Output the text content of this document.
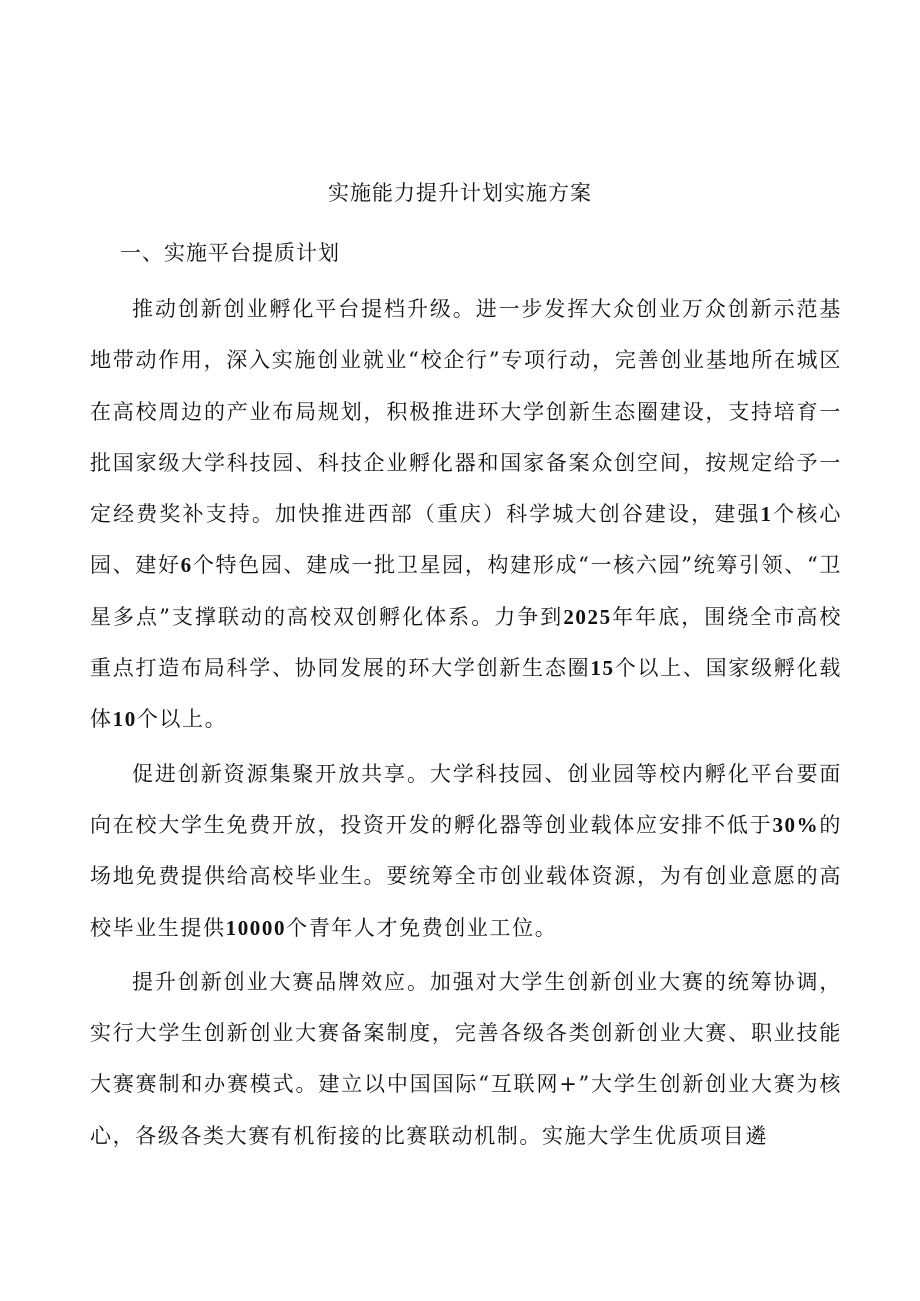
实施能力提升计划实施方案
一、实施平台提质计划

推动创新创业孵化平台提档升级。进一步发挥大众创业万众创新示范基地带动作用，深入实施创业就业“校企行”专项行动，完善创业基地所在城区在高校周边的产业布局规划，积极推进环大学创新生态圈建设，支持培育一批国家级大学科技园、科技企业孵化器和国家备案众创空间，按规定给予一定经费奖补支持。加快推进西部（重庆）科学城大创谷建设，建强1个核心园、建好6个特色园、建成一批卫星园，构建形成“一核六园”统筹引领、“卫星多点”支撑联动的高校双创孵化体系。力争到2025年年底，围绕全市高校重点打造布局科学、协同发展的环大学创新生态圈15个以上、国家级孵化载体10个以上。

促进创新资源集聚开放共享。大学科技园、创业园等校内孵化平台要面向在校大学生免费开放，投资开发的孵化器等创业载体应安排不低于30%的场地免费提供给高校毕业生。要统筹全市创业载体资源，为有创业意愿的高校毕业生提供10000个青年人才免费创业工位。

提升创新创业大赛品牌效应。加强对大学生创新创业大赛的统筹协调，实行大学生创新创业大赛备案制度，完善各级各类创新创业大赛、职业技能大赛赛制和办赛模式。建立以中国国际“互联网+”大学生创新创业大赛为核心，各级各类大赛有机衔接的比赛联动机制。实施大学生优质项目遴
